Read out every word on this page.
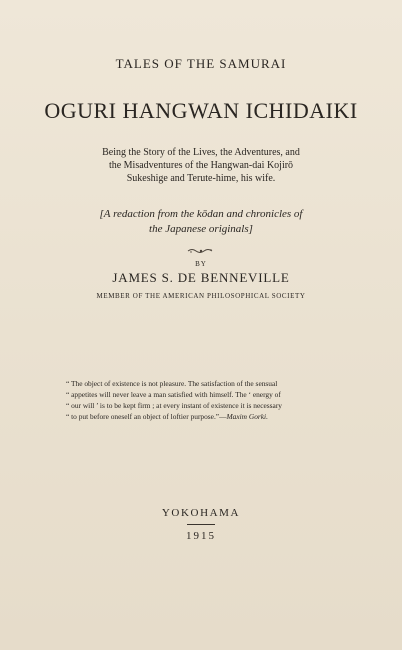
TALES OF THE SAMURAI
OGURI HANGWAN ICHIDAIKI
Being the Story of the Lives, the Adventures, and
the Misadventures of the Hangwan-dai Kojirō
Sukeshige and Terute-hime, his wife.
[A redaction from the kōdan and chronicles of
the Japanese originals]
BY
JAMES S. DE BENNEVILLE
MEMBER OF THE AMERICAN PHILOSOPHICAL SOCIETY
“ The object of existence is not pleasure. The satisfaction of the sensual
“ appetites will never leave a man satisfied with himself. The ‘ energy of
“ our will ’ is to be kept firm ; at every instant of existence it is necessary
“ to put before oneself an object of loftier purpose.”—Maxim Gorki.
YOKOHAMA
1915
